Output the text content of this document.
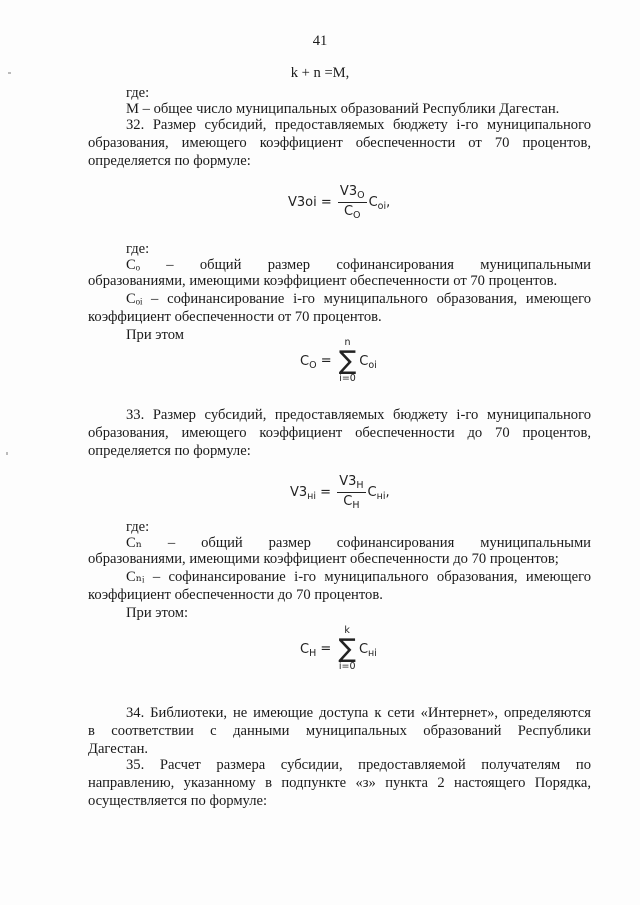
41
k + n =M,
где:
М – общее число муниципальных образований Республики Дагестан.
32. Размер субсидий, предоставляемых бюджету i-го муниципального
образования, имеющего коэффициент обеспеченности от 70 процентов,
определяется по формуле:
$V3oi = \frac{V3_O}{C_O} C_{oi}$,
где:
Cₒ – общий размер софинансирования муниципальными
образованиями, имеющими коэффициент обеспеченности от 70 процентов.
Cₒᵢ – софинансирование i-го муниципального образования, имеющего
коэффициент обеспеченности от 70 процентов.
При этом
$C_O$ =
n
∑
i=0
$C_{oi}$
33. Размер субсидий, предоставляемых бюджету i-го муниципального
образования, имеющего коэффициент обеспеченности до 70 процентов,
определяется по формуле:
$V3_{нi} = \frac{V3_H}{C_H} C_{нi}$,
где:
Cₙ – общий размер софинансирования муниципальными
образованиями, имеющими коэффициент обеспеченности до 70 процентов;
Cₙᵢ – софинансирование i-го муниципального образования, имеющего
коэффициент обеспеченности до 70 процентов.
При этом:
$C_H$ =
k
∑
i=0
$C_{нi}$
34. Библиотеки, не имеющие доступа к сети «Интернет», определяются
в соответствии с данными муниципальных образований Республики
Дагестан.
35. Расчет размера субсидии, предоставляемой получателям по
направлению, указанному в подпункте «з» пункта 2 настоящего Порядка,
осуществляется по формуле:
